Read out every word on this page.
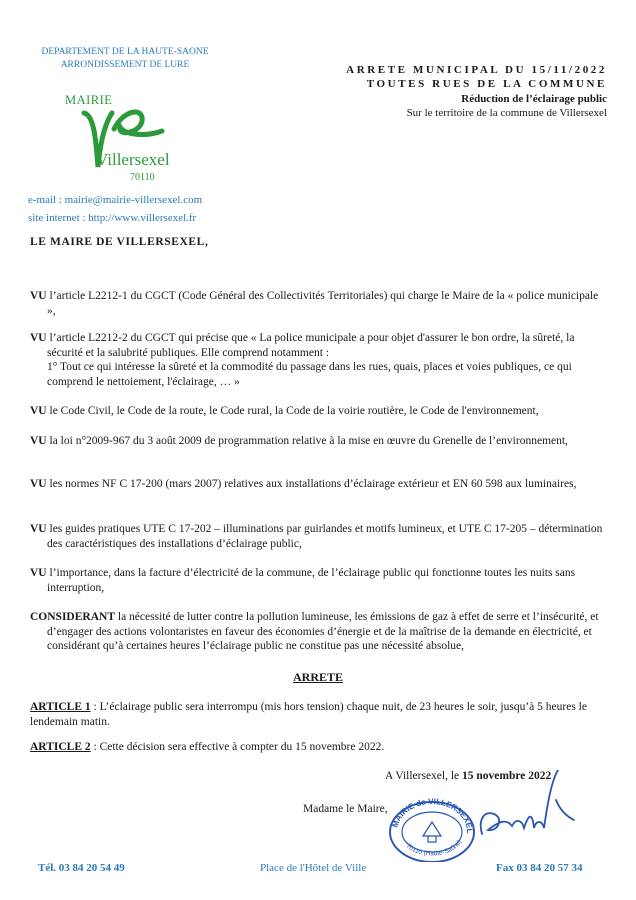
DEPARTEMENT DE LA HAUTE-SAONE
ARRONDISSEMENT DE LURE
MAIRIE
Villersexel
70110
e-mail : mairie@mairie-villersexel.com
site internet : http://www.villersexel.fr
ARRETE MUNICIPAL DU 15/11/2022
TOUTES RUES DE LA COMMUNE
Réduction de l’éclairage public
Sur le territoire de la commune de Villersexel
LE MAIRE DE VILLERSEXEL,
VU l’article L2212-1 du CGCT (Code Général des Collectivités Territoriales) qui charge le Maire de la « police municipale »,
VU l’article L2212-2 du CGCT qui précise que « La police municipale a pour objet d'assurer le bon ordre, la sûreté, la sécurité et la salubrité publiques. Elle comprend notamment :
1° Tout ce qui intéresse la sûreté et la commodité du passage dans les rues, quais, places et voies publiques, ce qui comprend le nettoiement, l'éclairage, … »
VU le Code Civil, le Code de la route, le Code rural, la Code de la voirie routière, le Code de l'environnement,
VU la loi n°2009-967 du 3 août 2009 de programmation relative à la mise en œuvre du Grenelle de l’environnement,
VU les normes NF C 17-200 (mars 2007) relatives aux installations d’éclairage extérieur et EN 60 598 aux luminaires,
VU les guides pratiques UTE C 17-202 – illuminations par guirlandes et motifs lumineux, et UTE C 17-205 – détermination des caractéristiques des installations d’éclairage public,
VU l’importance, dans la facture d’électricité de la commune, de l’éclairage public qui fonctionne toutes les nuits sans interruption,
CONSIDERANT la nécessité de lutter contre la pollution lumineuse, les émissions de gaz à effet de serre et l’insécurité, et d’engager des actions volontaristes en faveur des économies d’énergie et de la maîtrise de la demande en électricité, et considérant qu’à certaines heures l’éclairage public ne constitue pas une nécessité absolue,
ARRETE
ARTICLE 1 : L’éclairage public sera interrompu (mis hors tension) chaque nuit, de 23 heures le soir, jusqu’à 5 heures le lendemain matin.
ARTICLE 2 : Cette décision sera effective à compter du 15 novembre 2022.
A Villersexel, le 15 novembre 2022
Madame le Maire,
MAIRIE de VILLERSEXEL
70110 (Haute-Saône)
Tél. 03 84 20 54 49	Place de l'Hôtel de Ville	Fax 03 84 20 57 34
